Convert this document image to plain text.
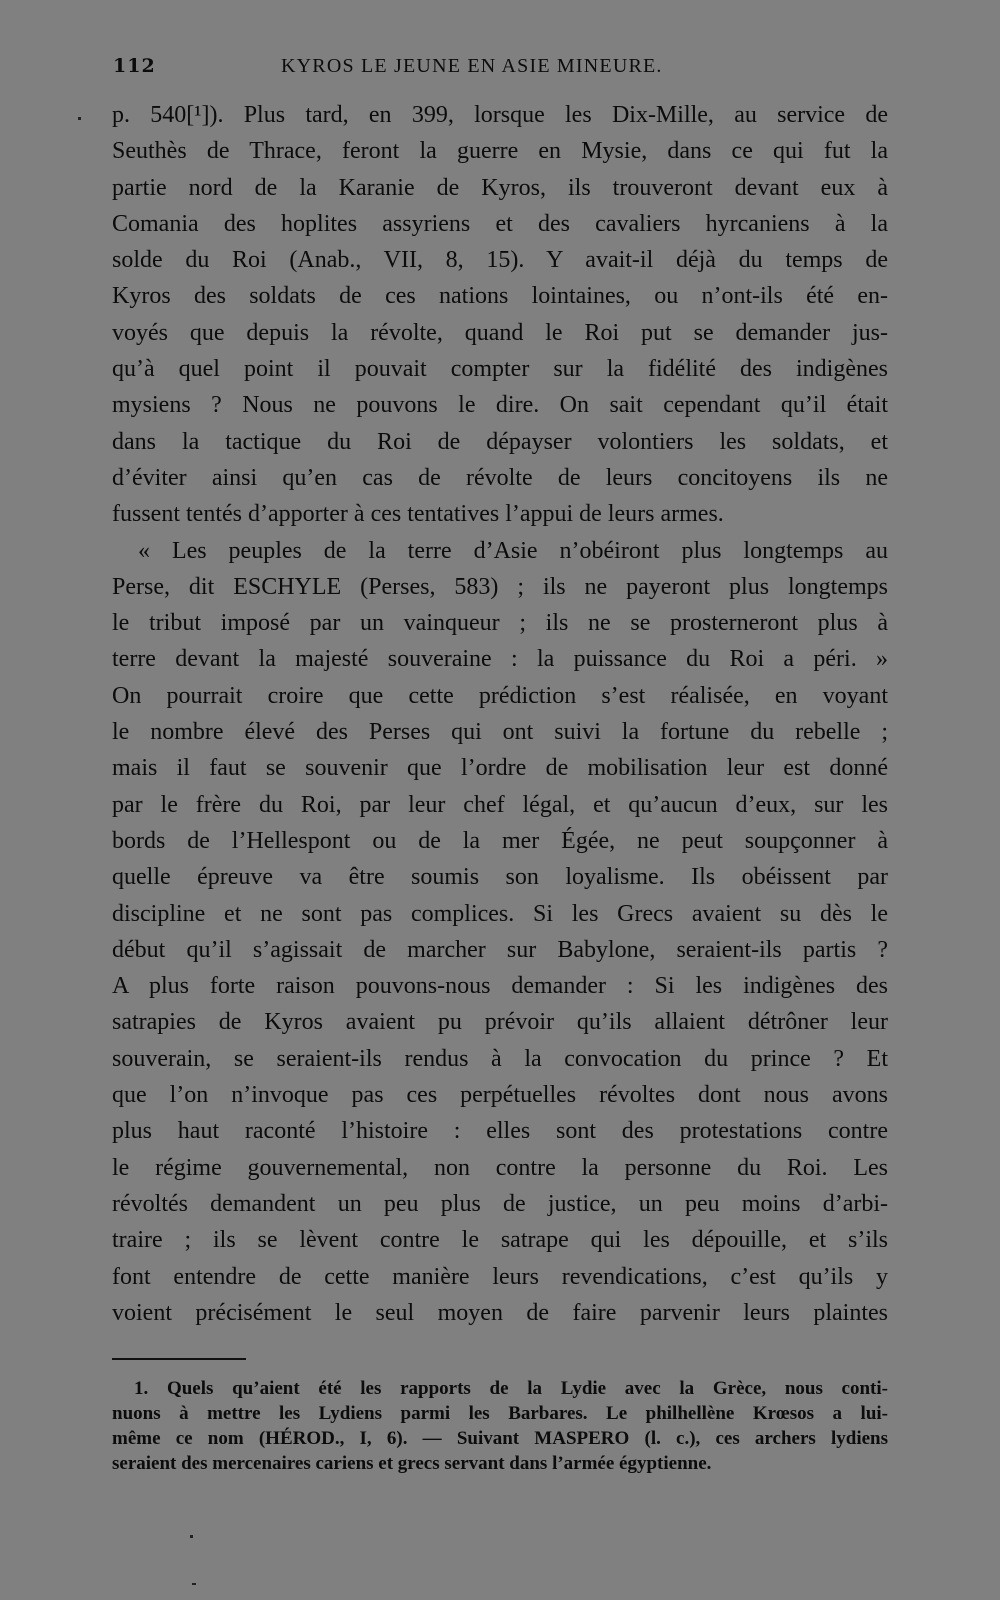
112	KYROS LE JEUNE EN ASIE MINEURE.
p. 540[¹]). Plus tard, en 399, lorsque les Dix-Mille, au service de
Seuthès de Thrace, feront la guerre en Mysie, dans ce qui fut la
partie nord de la Karanie de Kyros, ils trouveront devant eux à
Comania des hoplites assyriens et des cavaliers hyrcaniens à la
solde du Roi (Anab., VII, 8, 15). Y avait-il déjà du temps de
Kyros des soldats de ces nations lointaines, ou n’ont-ils été en-
voyés que depuis la révolte, quand le Roi put se demander jus-
qu’à quel point il pouvait compter sur la fidélité des indigènes
mysiens ? Nous ne pouvons le dire. On sait cependant qu’il était
dans la tactique du Roi de dépayser volontiers les soldats, et
d’éviter ainsi qu’en cas de révolte de leurs concitoyens ils ne
fussent tentés d’apporter à ces tentatives l’appui de leurs armes.
« Les peuples de la terre d’Asie n’obéiront plus longtemps au
Perse, dit ESCHYLE (Perses, 583) ; ils ne payeront plus longtemps
le tribut imposé par un vainqueur ; ils ne se prosterneront plus à
terre devant la majesté souveraine : la puissance du Roi a péri. »
On pourrait croire que cette prédiction s’est réalisée, en voyant
le nombre élevé des Perses qui ont suivi la fortune du rebelle ;
mais il faut se souvenir que l’ordre de mobilisation leur est donné
par le frère du Roi, par leur chef légal, et qu’aucun d’eux, sur les
bords de l’Hellespont ou de la mer Égée, ne peut soupçonner à
quelle épreuve va être soumis son loyalisme. Ils obéissent par
discipline et ne sont pas complices. Si les Grecs avaient su dès le
début qu’il s’agissait de marcher sur Babylone, seraient-ils partis ?
A plus forte raison pouvons-nous demander : Si les indigènes des
satrapies de Kyros avaient pu prévoir qu’ils allaient détrôner leur
souverain, se seraient-ils rendus à la convocation du prince ? Et
que l’on n’invoque pas ces perpétuelles révoltes dont nous avons
plus haut raconté l’histoire : elles sont des protestations contre
le régime gouvernemental, non contre la personne du Roi. Les
révoltés demandent un peu plus de justice, un peu moins d’arbi-
traire ; ils se lèvent contre le satrape qui les dépouille, et s’ils
font entendre de cette manière leurs revendications, c’est qu’ils y
voient précisément le seul moyen de faire parvenir leurs plaintes
1. Quels qu’aient été les rapports de la Lydie avec la Grèce, nous conti-
nuons à mettre les Lydiens parmi les Barbares. Le philhellène Krœsos a lui-
même ce nom (HÉROD., I, 6). — Suivant MASPERO (l. c.), ces archers lydiens
seraient des mercenaires cariens et grecs servant dans l’armée égyptienne.
